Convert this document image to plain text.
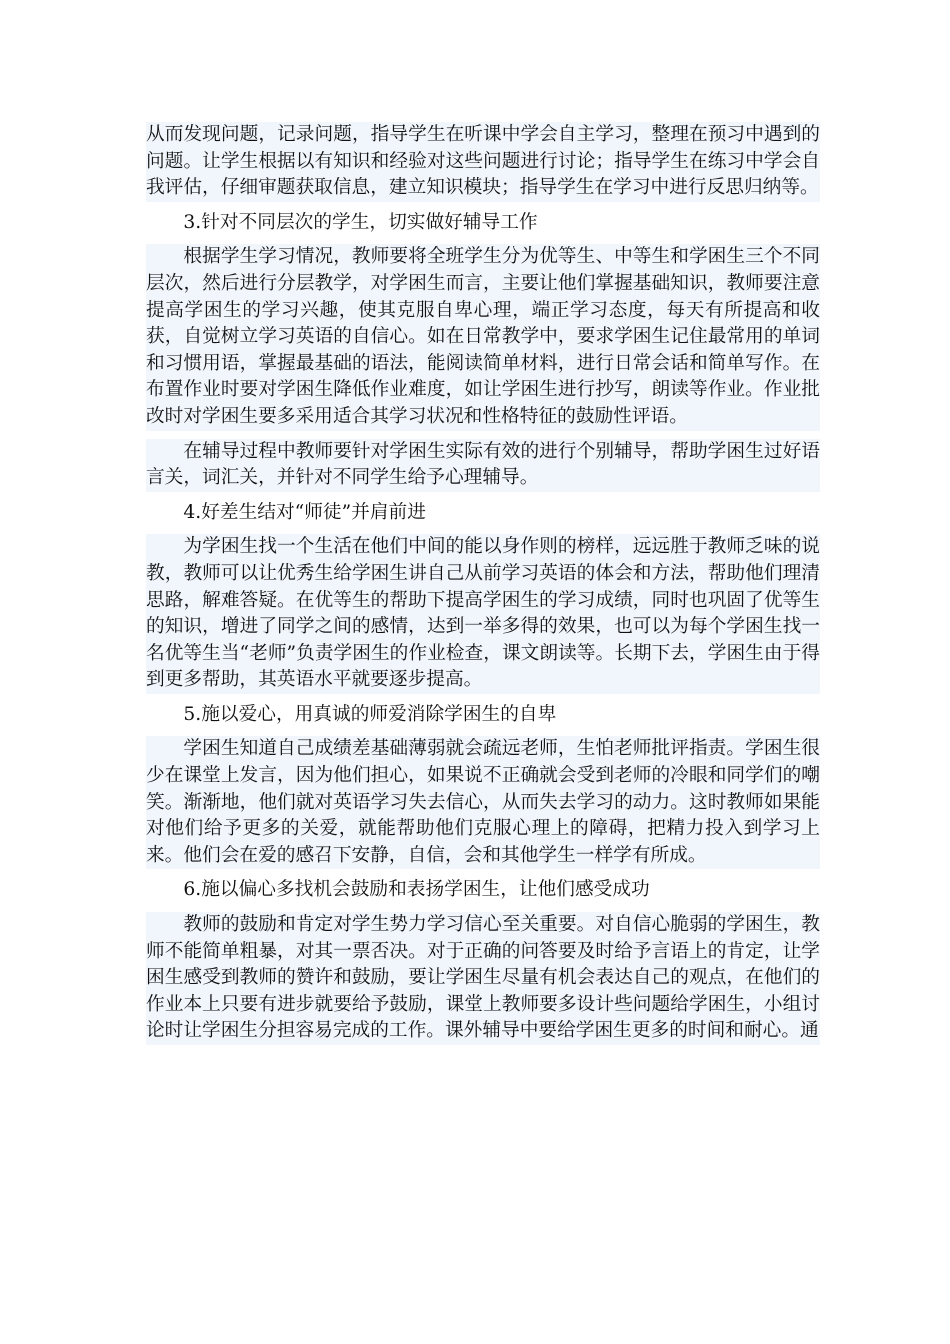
从而发现问题，记录问题，指导学生在听课中学会自主学习，整理在预习中遇到的问题。让学生根据以有知识和经验对这些问题进行讨论；指导学生在练习中学会自我评估，仔细审题获取信息，建立知识模块；指导学生在学习中进行反思归纳等。

3.针对不同层次的学生，切实做好辅导工作

根据学生学习情况，教师要将全班学生分为优等生、中等生和学困生三个不同层次，然后进行分层教学，对学困生而言，主要让他们掌握基础知识，教师要注意提高学困生的学习兴趣，使其克服自卑心理，端正学习态度，每天有所提高和收获，自觉树立学习英语的自信心。如在日常教学中，要求学困生记住最常用的单词和习惯用语，掌握最基础的语法，能阅读简单材料，进行日常会话和简单写作。在布置作业时要对学困生降低作业难度，如让学困生进行抄写，朗读等作业。作业批改时对学困生要多采用适合其学习状况和性格特征的鼓励性评语。

在辅导过程中教师要针对学困生实际有效的进行个别辅导，帮助学困生过好语言关，词汇关，并针对不同学生给予心理辅导。

4.好差生结对“师徒”并肩前进

为学困生找一个生活在他们中间的能以身作则的榜样，远远胜于教师乏味的说教，教师可以让优秀生给学困生讲自己从前学习英语的体会和方法，帮助他们理清思路，解难答疑。在优等生的帮助下提高学困生的学习成绩，同时也巩固了优等生的知识，增进了同学之间的感情，达到一举多得的效果，也可以为每个学困生找一名优等生当“老师”负责学困生的作业检查，课文朗读等。长期下去，学困生由于得到更多帮助，其英语水平就要逐步提高。

5.施以爱心，用真诚的师爱消除学困生的自卑

学困生知道自己成绩差基础薄弱就会疏远老师，生怕老师批评指责。学困生很少在课堂上发言，因为他们担心，如果说不正确就会受到老师的冷眼和同学们的嘲笑。渐渐地，他们就对英语学习失去信心，从而失去学习的动力。这时教师如果能对他们给予更多的关爱，就能帮助他们克服心理上的障碍，把精力投入到学习上来。他们会在爱的感召下安静，自信，会和其他学生一样学有所成。

6.施以偏心多找机会鼓励和表扬学困生，让他们感受成功

教师的鼓励和肯定对学生势力学习信心至关重要。对自信心脆弱的学困生，教师不能简单粗暴，对其一票否决。对于正确的问答要及时给予言语上的肯定，让学困生感受到教师的赞许和鼓励，要让学困生尽量有机会表达自己的观点，在他们的作业本上只要有进步就要给予鼓励，课堂上教师要多设计些问题给学困生，小组讨论时让学困生分担容易完成的工作。课外辅导中要给学困生更多的时间和耐心。通
